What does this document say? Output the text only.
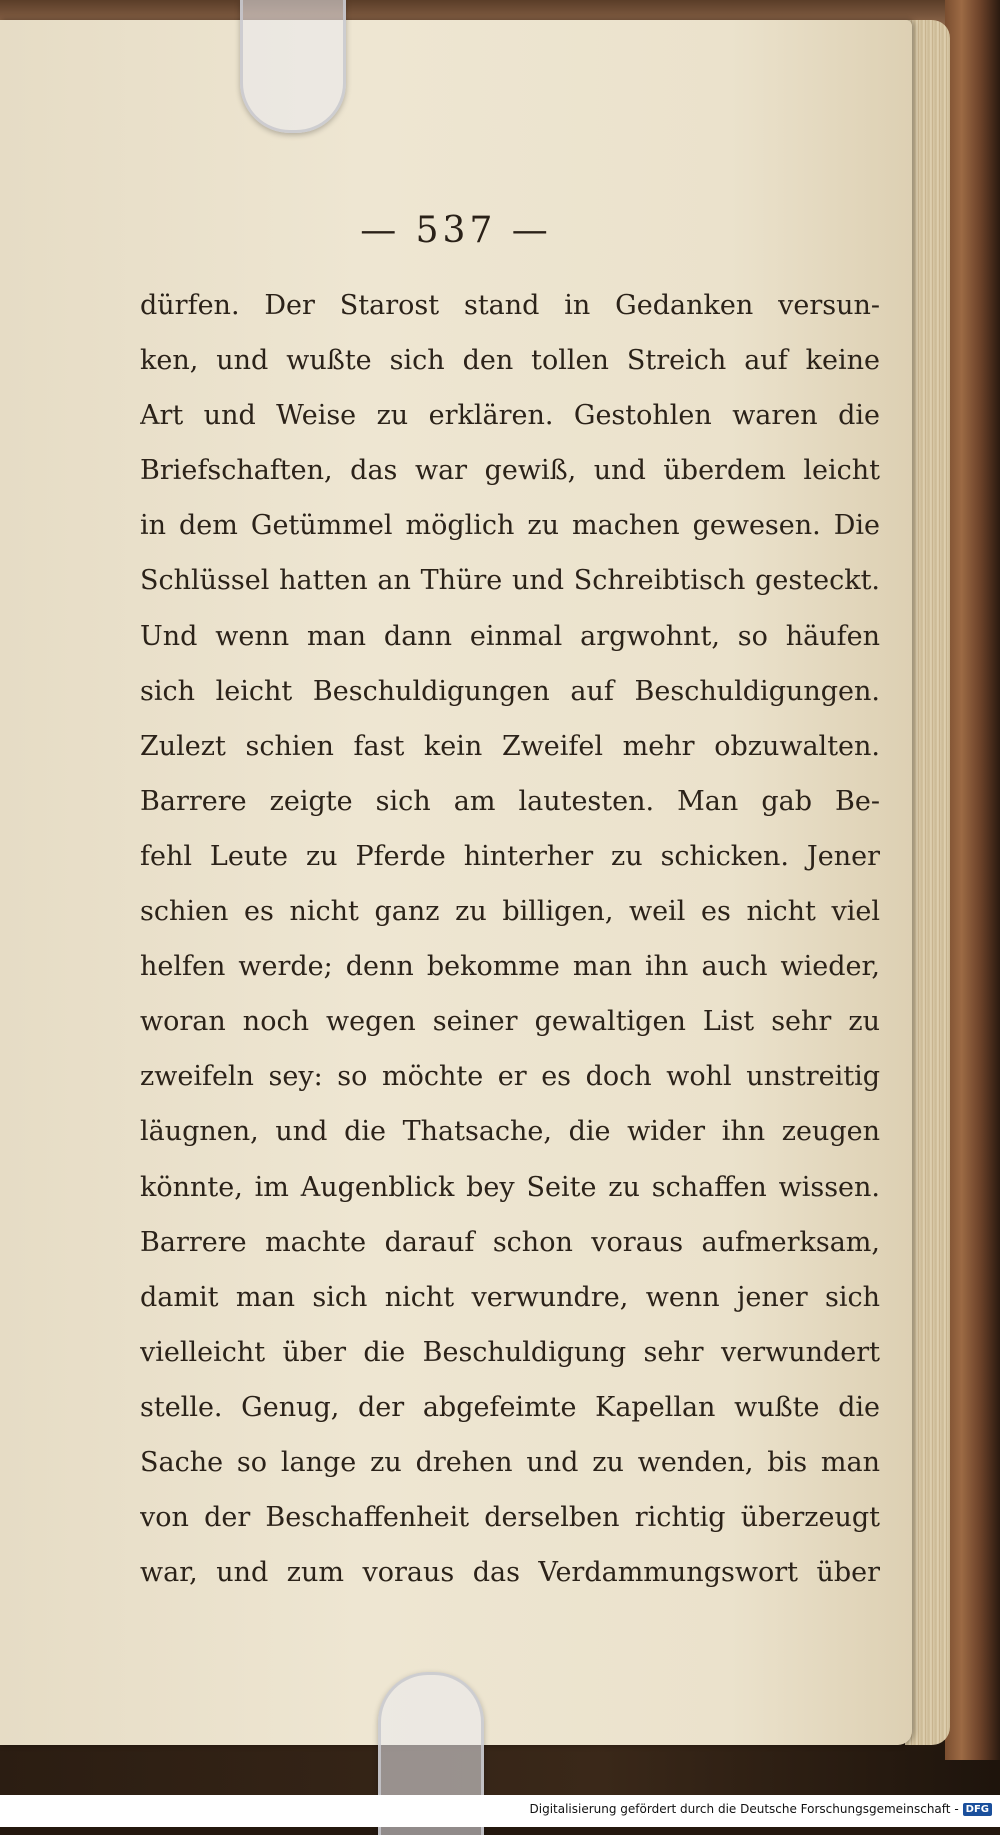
— 537 —
dürfen. Der Starost stand in Gedanken versun-
ken, und wußte sich den tollen Streich auf keine
Art und Weise zu erklären. Gestohlen waren die
Briefschaften, das war gewiß, und überdem leicht
in dem Getümmel möglich zu machen gewesen. Die
Schlüssel hatten an Thüre und Schreibtisch gesteckt.
Und wenn man dann einmal argwohnt, so häufen
sich leicht Beschuldigungen auf Beschuldigungen.
Zulezt schien fast kein Zweifel mehr obzuwalten.
Barrere zeigte sich am lautesten. Man gab Be-
fehl Leute zu Pferde hinterher zu schicken. Jener
schien es nicht ganz zu billigen, weil es nicht viel
helfen werde; denn bekomme man ihn auch wieder,
woran noch wegen seiner gewaltigen List sehr zu
zweifeln sey: so möchte er es doch wohl unstreitig
läugnen, und die Thatsache, die wider ihn zeugen
könnte, im Augenblick bey Seite zu schaffen wissen.
Barrere machte darauf schon voraus aufmerksam,
damit man sich nicht verwundre, wenn jener sich
vielleicht über die Beschuldigung sehr verwundert
stelle. Genug, der abgefeimte Kapellan wußte die
Sache so lange zu drehen und zu wenden, bis man
von der Beschaffenheit derselben richtig überzeugt
war, und zum voraus das Verdammungswort über
Digitalisierung gefördert durch die Deutsche Forschungsgemeinschaft - DFG
